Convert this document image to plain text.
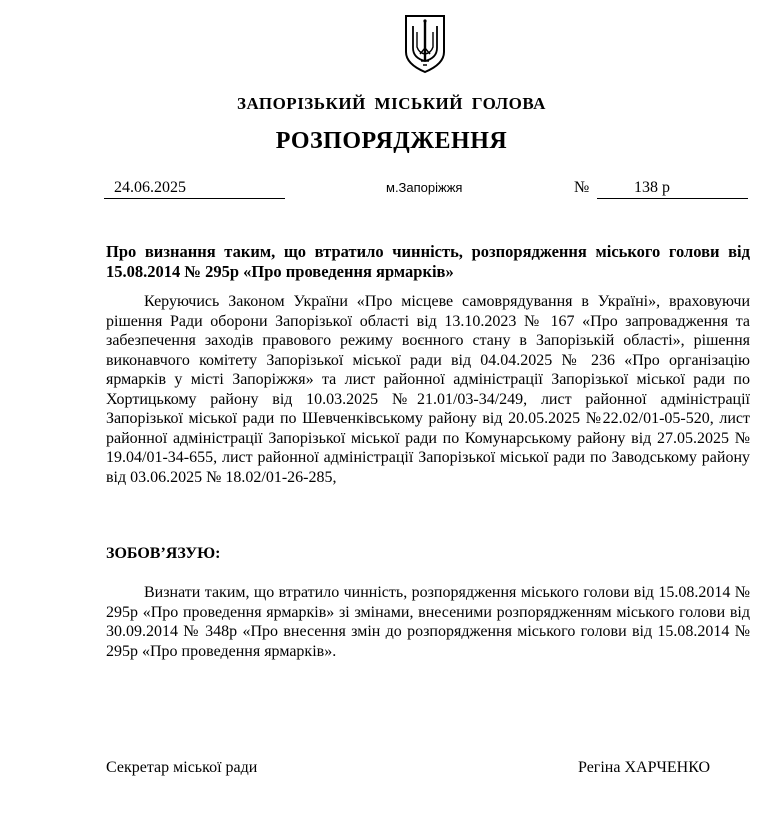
ЗАПОРІЗЬКИЙ МІСЬКИЙ ГОЛОВА
РОЗПОРЯДЖЕННЯ
24.06.2025	м.Запоріжжя	№	138 р
Про визнання таким, що втратило чинність, розпорядження міського голови від 15.08.2014 № 295р «Про проведення ярмарків»

Керуючись Законом України «Про місцеве самоврядування в Україні», враховуючи рішення Ради оборони Запорізької області від 13.10.2023 № 167 «Про запровадження та забезпечення заходів правового режиму воєнного стану в Запорізькій області», рішення виконавчого комітету Запорізької міської ради від 04.04.2025 № 236 «Про організацію ярмарків у місті Запоріжжя» та лист районної адміністрації Запорізької міської ради по Хортицькому району від 10.03.2025 №21.01/03-34/249, лист районної адміністрації Запорізької міської ради по Шевченківському району від 20.05.2025 №22.02/01-05-520, лист районної адміністрації Запорізької міської ради по Комунарському району від 27.05.2025 № 19.04/01-34-655, лист районної адміністрації Запорізької міської ради по Заводському району від 03.06.2025 № 18.02/01-26-285,

ЗОБОВ’ЯЗУЮ:

Визнати таким, що втратило чинність, розпорядження міського голови від 15.08.2014 № 295р «Про проведення ярмарків» зі змінами, внесеними розпорядженням міського голови від 30.09.2014 № 348р «Про внесення змін до розпорядження міського голови від 15.08.2014 № 295р «Про проведення ярмарків».

Секретар міської ради	Регіна ХАРЧЕНКО
